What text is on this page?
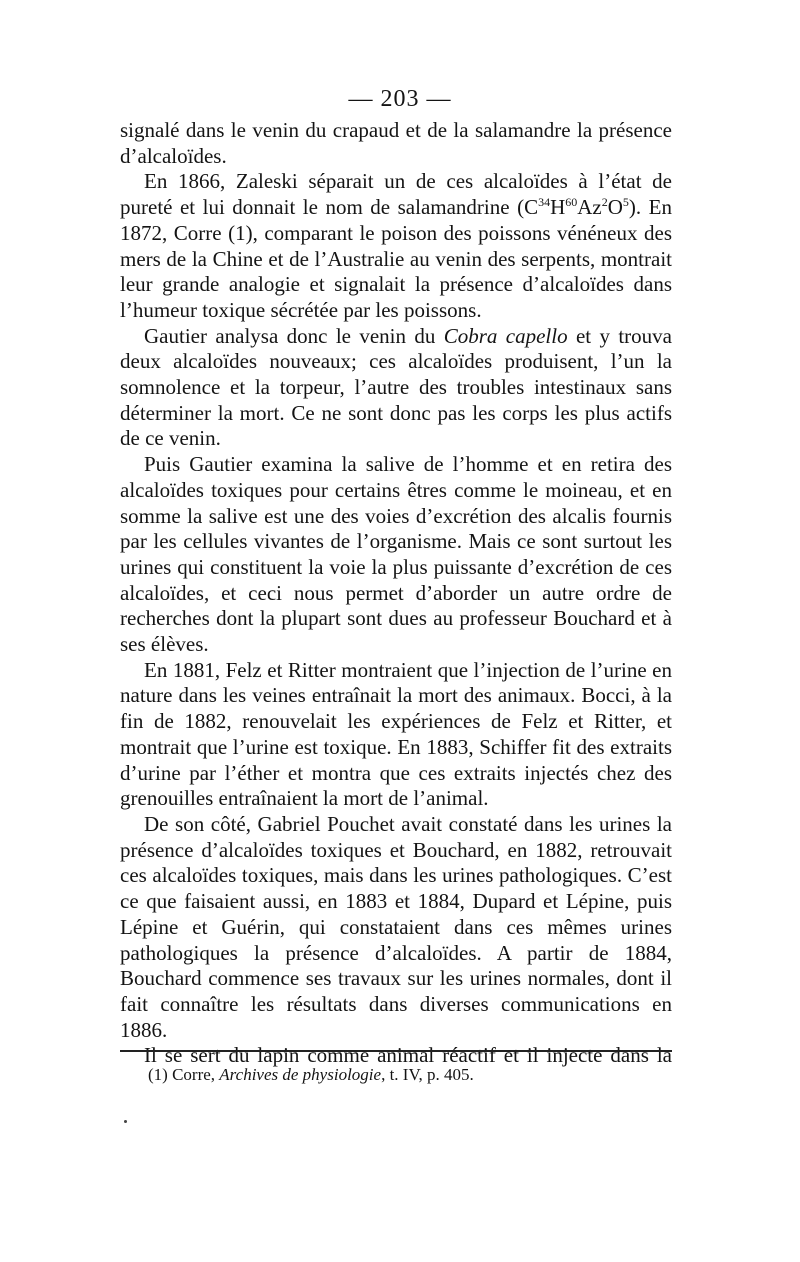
— 203 —

signalé dans le venin du crapaud et de la salamandre la présence d’alcaloïdes.

En 1866, Zaleski séparait un de ces alcaloïdes à l’état de pureté et lui donnait le nom de salamandrine $(C^{34}H^{60}Az^2O^5)$. En 1872, Corre (1), comparant le poison des poissons vénéneux des mers de la Chine et de l’Australie au venin des serpents, montrait leur grande analogie et signalait la présence d’alcaloïdes dans l’humeur toxique sécrétée par les poissons.

Gautier analysa donc le venin du Cobra capello et y trouva deux alcaloïdes nouveaux; ces alcaloïdes produisent, l’un la somnolence et la torpeur, l’autre des troubles intestinaux sans déterminer la mort. Ce ne sont donc pas les corps les plus actifs de ce venin.

Puis Gautier examina la salive de l’homme et en retira des alcaloïdes toxiques pour certains êtres comme le moineau, et en somme la salive est une des voies d’excrétion des alcalis fournis par les cellules vivantes de l’organisme. Mais ce sont surtout les urines qui constituent la voie la plus puissante d’excrétion de ces alcaloïdes, et ceci nous permet d’aborder un autre ordre de recherches dont la plupart sont dues au professeur Bouchard et à ses élèves.

En 1881, Felz et Ritter montraient que l’injection de l’urine en nature dans les veines entraînait la mort des animaux. Bocci, à la fin de 1882, renouvelait les expériences de Felz et Ritter, et montrait que l’urine est toxique. En 1883, Schiffer fit des extraits d’urine par l’éther et montra que ces extraits injectés chez des grenouilles entraînaient la mort de l’animal.

De son côté, Gabriel Pouchet avait constaté dans les urines la présence d’alcaloïdes toxiques et Bouchard, en 1882, retrouvait ces alcaloïdes toxiques, mais dans les urines pathologiques. C’est ce que faisaient aussi, en 1883 et 1884, Dupard et Lépine, puis Lépine et Guérin, qui constataient dans ces mêmes urines pathologiques la présence d’alcaloïdes. A partir de 1884, Bouchard commence ses travaux sur les urines normales, dont il fait connaître les résultats dans diverses communications en 1886.

Il se sert du lapin comme animal réactif et il injecte dans la

(1) Corre, Archives de physiologie, t. IV, p. 405.
